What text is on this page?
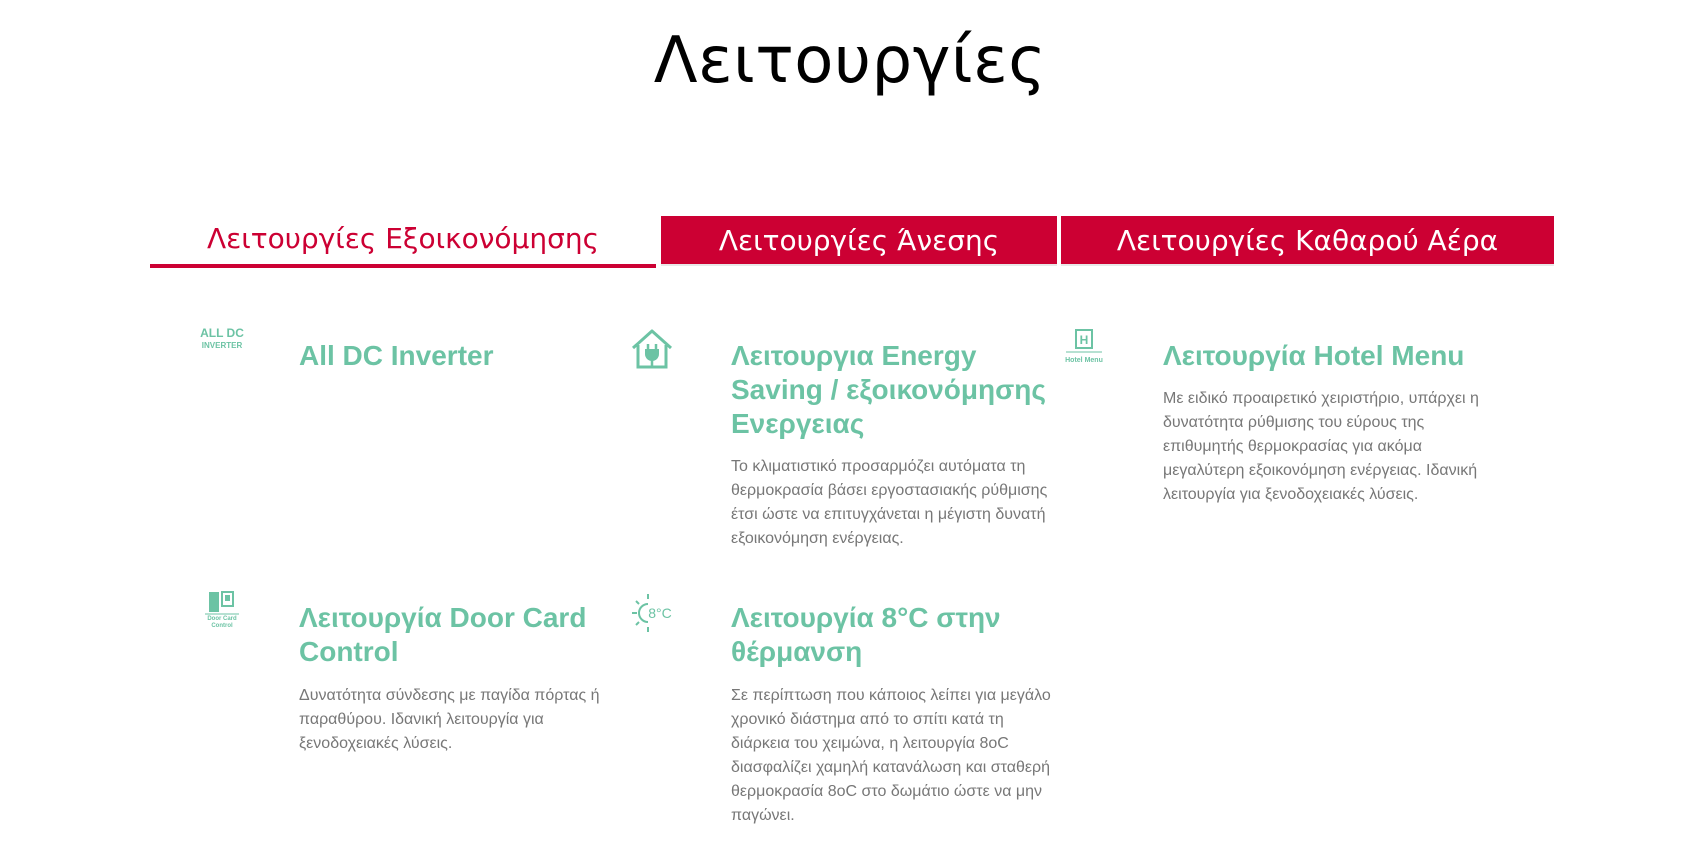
Λειτουργίες
Λειτουργίες Εξοικονόμησης	Λειτουργίες Άνεσης	Λειτουργίες Καθαρού Αέρα
ALL DC
INVERTER All DC Inverter	Λειτουργια Energy Saving / εξοικονόμησης Ενεργειας

Το κλιματιστικό προσαρμόζει αυτόματα τη θερμοκρασία βάσει εργοστασιακής ρύθμισης έτσι ώστε να επιτυγχάνεται η μέγιστη δυνατή εξοικονόμηση ενέργειας.

H
Hotel Menu Λειτουργία Hotel Menu

Με ειδικό προαιρετικό χειριστήριο, υπάρχει η δυνατότητα ρύθμισης του εύρους της επιθυμητής θερμοκρασίας για ακόμα μεγαλύτερη εξοικονόμηση ενέργειας. Ιδανική λειτουργία για ξενοδοχειακές λύσεις.

Door Card
Control Λειτουργία Door Card Control

Δυνατότητα σύνδεσης με παγίδα πόρτας ή παραθύρου. Ιδανική λειτουργία για ξενοδοχειακές λύσεις.

8°C Λειτουργία 8°C στην θέρμανση

Σε περίπτωση που κάποιος λείπει για μεγάλο χρονικό διάστημα από το σπίτι κατά τη διάρκεια του χειμώνα, η λειτουργία 8oC διασφαλίζει χαμηλή κατανάλωση και σταθερή θερμοκρασία 8oC στο δωμάτιο ώστε να μην παγώνει.
